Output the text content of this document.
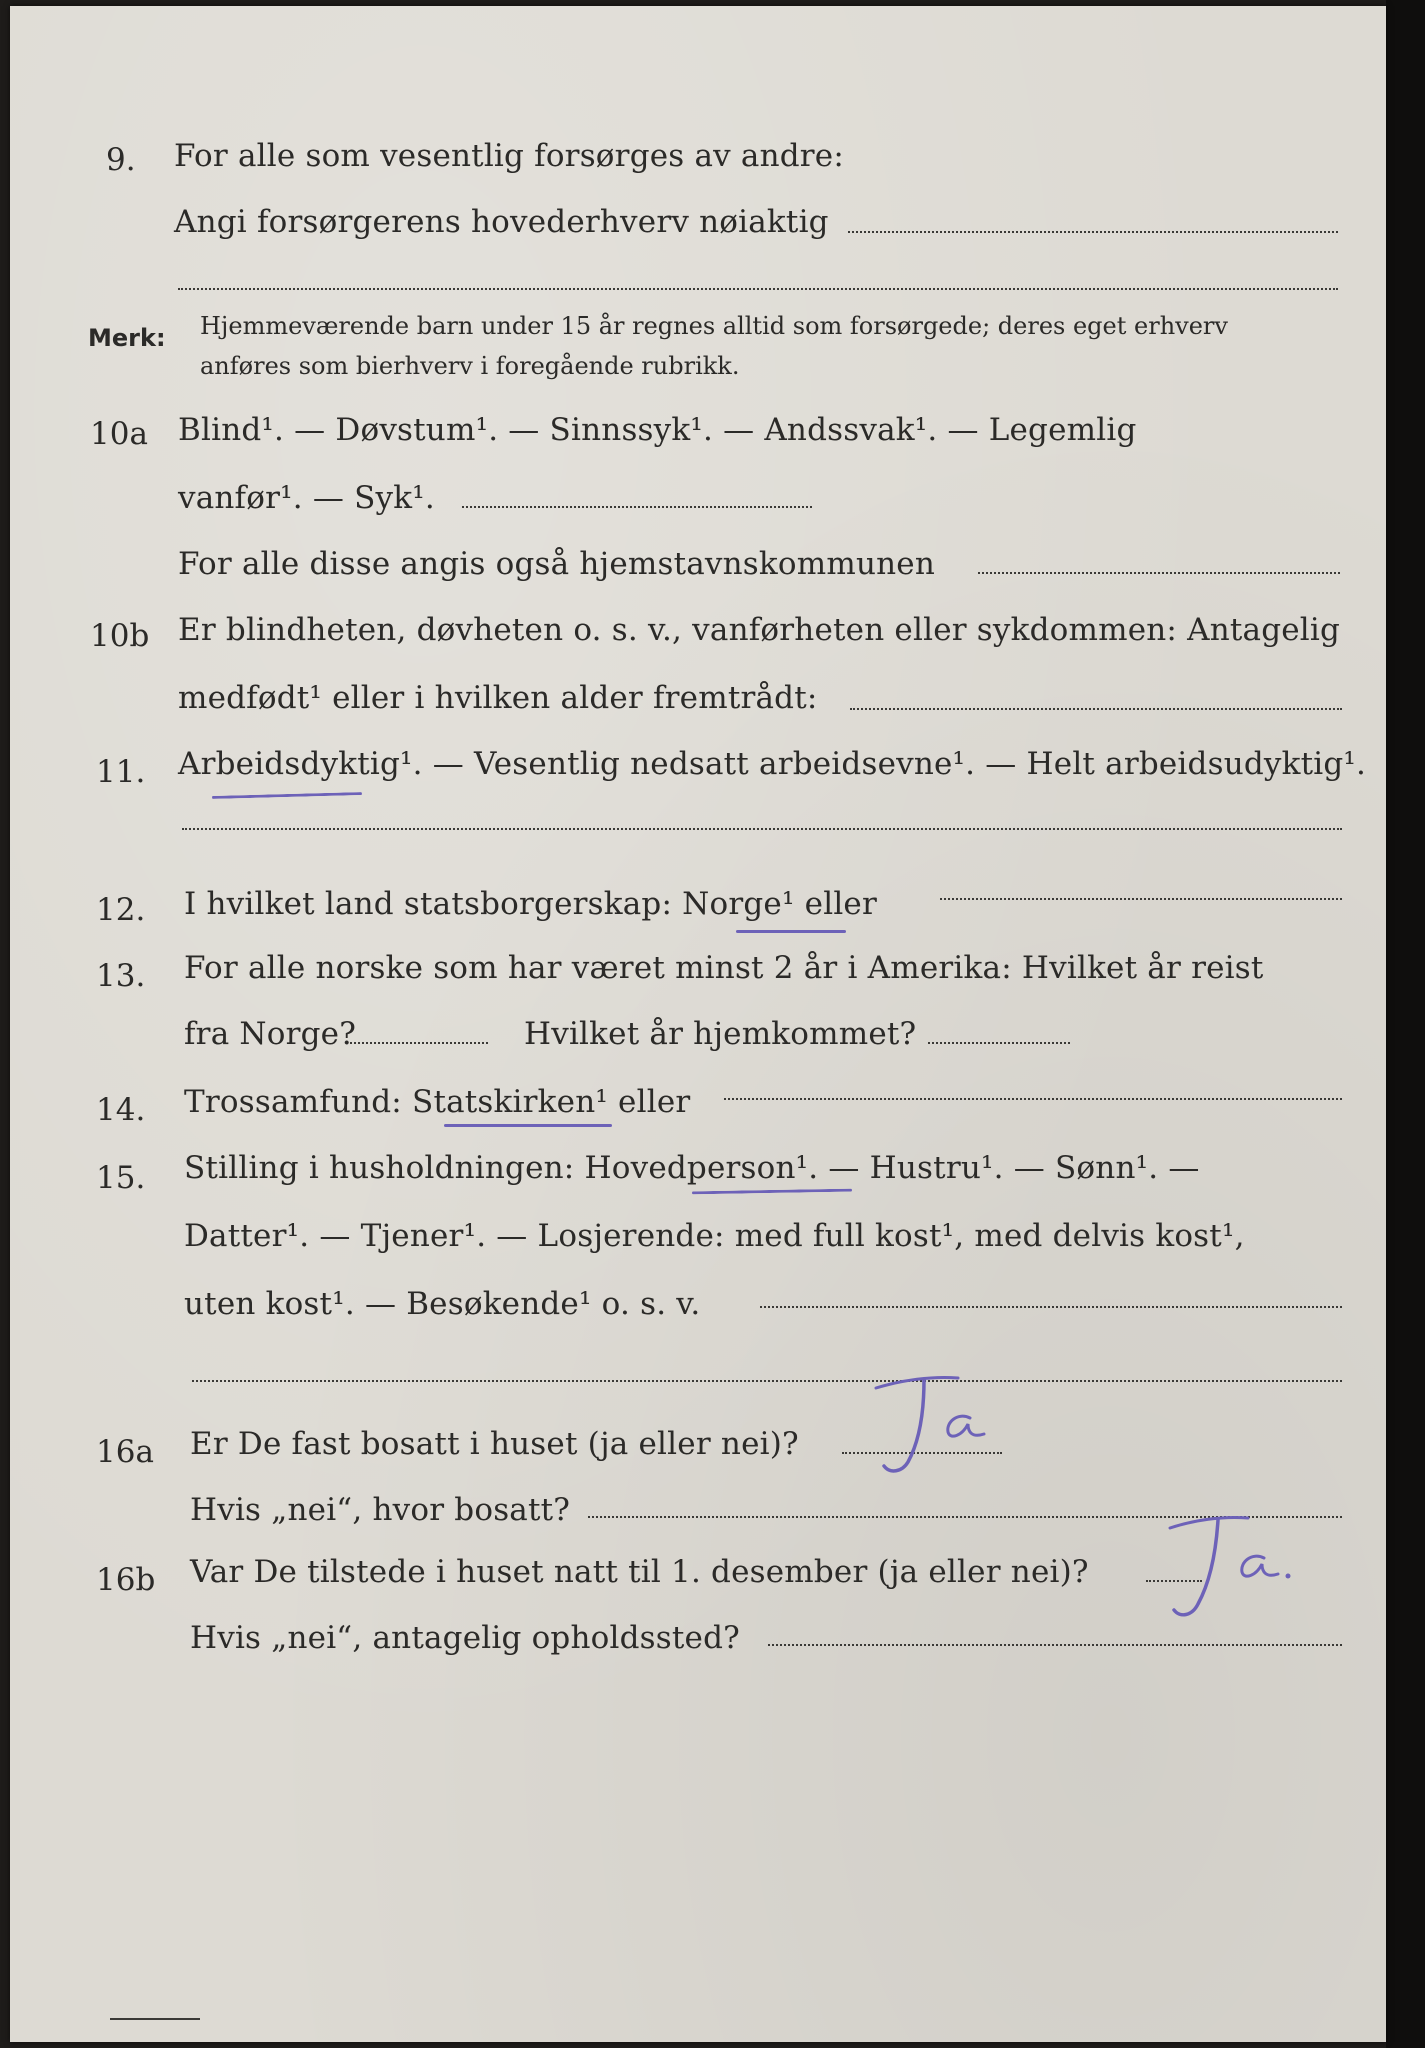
9. For alle som vesentlig forsørges av andre:
Angi forsørgerens hovederhverv nøiaktig
Merk: Hjemmeværende barn under 15 år regnes alltid som forsørgede; deres eget erhverv
anføres som bierhverv i foregående rubrikk.
10a Blind¹. — Døvstum¹. — Sinnssyk¹. — Andssvak¹. — Legemlig
vanfør¹. — Syk¹.
For alle disse angis også hjemstavnskommunen
10b Er blindheten, døvheten o. s. v., vanførheten eller sykdommen: Antagelig
medfødt¹ eller i hvilken alder fremtrådt:
11. Arbeidsdyktig¹. — Vesentlig nedsatt arbeidsevne¹. — Helt arbeidsudyktig¹.
12. I hvilket land statsborgerskap: Norge¹ eller
13. For alle norske som har været minst 2 år i Amerika: Hvilket år reist
fra Norge?	Hvilket år hjemkommet?
14. Trossamfund: Statskirken¹ eller
15. Stilling i husholdningen: Hovedperson¹. — Hustru¹. — Sønn¹. —
Datter¹. — Tjener¹. — Losjerende: med full kost¹, med delvis kost¹,
uten kost¹. — Besøkende¹ o. s. v.
16a Er De fast bosatt i huset (ja eller nei)?
Hvis „nei“, hvor bosatt?
16b Var De tilstede i huset natt til 1. desember (ja eller nei)?
Hvis „nei“, antagelig opholdssted?
